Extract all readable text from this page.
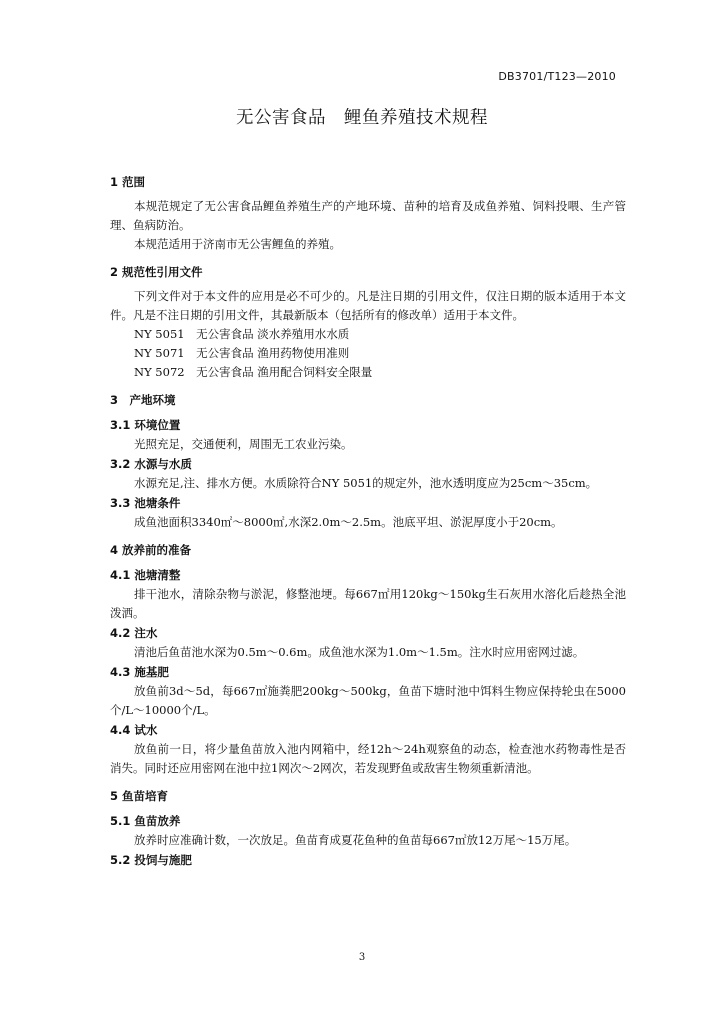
DB3701/T123—2010
无公害食品　鲤鱼养殖技术规程
1 范围

本规范规定了无公害食品鲤鱼养殖生产的产地环境、苗种的培育及成鱼养殖、饲料投喂、生产管理、鱼病防治。

本规范适用于济南市无公害鲤鱼的养殖。

2 规范性引用文件

下列文件对于本文件的应用是必不可少的。凡是注日期的引用文件，仅注日期的版本适用于本文件。凡是不注日期的引用文件，其最新版本（包括所有的修改单）适用于本文件。

NY 5051　无公害食品 淡水养殖用水水质
NY 5071　无公害食品 渔用药物使用准则
NY 5072　无公害食品 渔用配合饲料安全限量
3　产地环境
3.1 环境位置

光照充足，交通便利，周围无工农业污染。

3.2 水源与水质

水源充足,注、排水方便。水质除符合NY 5051的规定外，池水透明度应为25cm～35cm。

3.3 池塘条件

成鱼池面积3340㎡～8000㎡,水深2.0m～2.5m。池底平坦、淤泥厚度小于20cm。

4 放养前的准备
4.1 池塘清整

排干池水，清除杂物与淤泥，修整池埂。每667㎡用120kg～150kg生石灰用水溶化后趁热全池泼洒。

4.2 注水

清池后鱼苗池水深为0.5m～0.6m。成鱼池水深为1.0m～1.5m。注水时应用密网过滤。

4.3 施基肥

放鱼前3d～5d，每667㎡施粪肥200kg～500kg，鱼苗下塘时池中饵料生物应保持轮虫在5000个/L～10000个/L。

4.4 试水

放鱼前一日，将少量鱼苗放入池内网箱中，经12h～24h观察鱼的动态，检查池水药物毒性是否消失。同时还应用密网在池中拉1网次～2网次，若发现野鱼或敌害生物须重新清池。

5 鱼苗培育
5.1 鱼苗放养

放养时应准确计数，一次放足。鱼苗育成夏花鱼种的鱼苗每667㎡放12万尾～15万尾。

5.2 投饲与施肥
3
